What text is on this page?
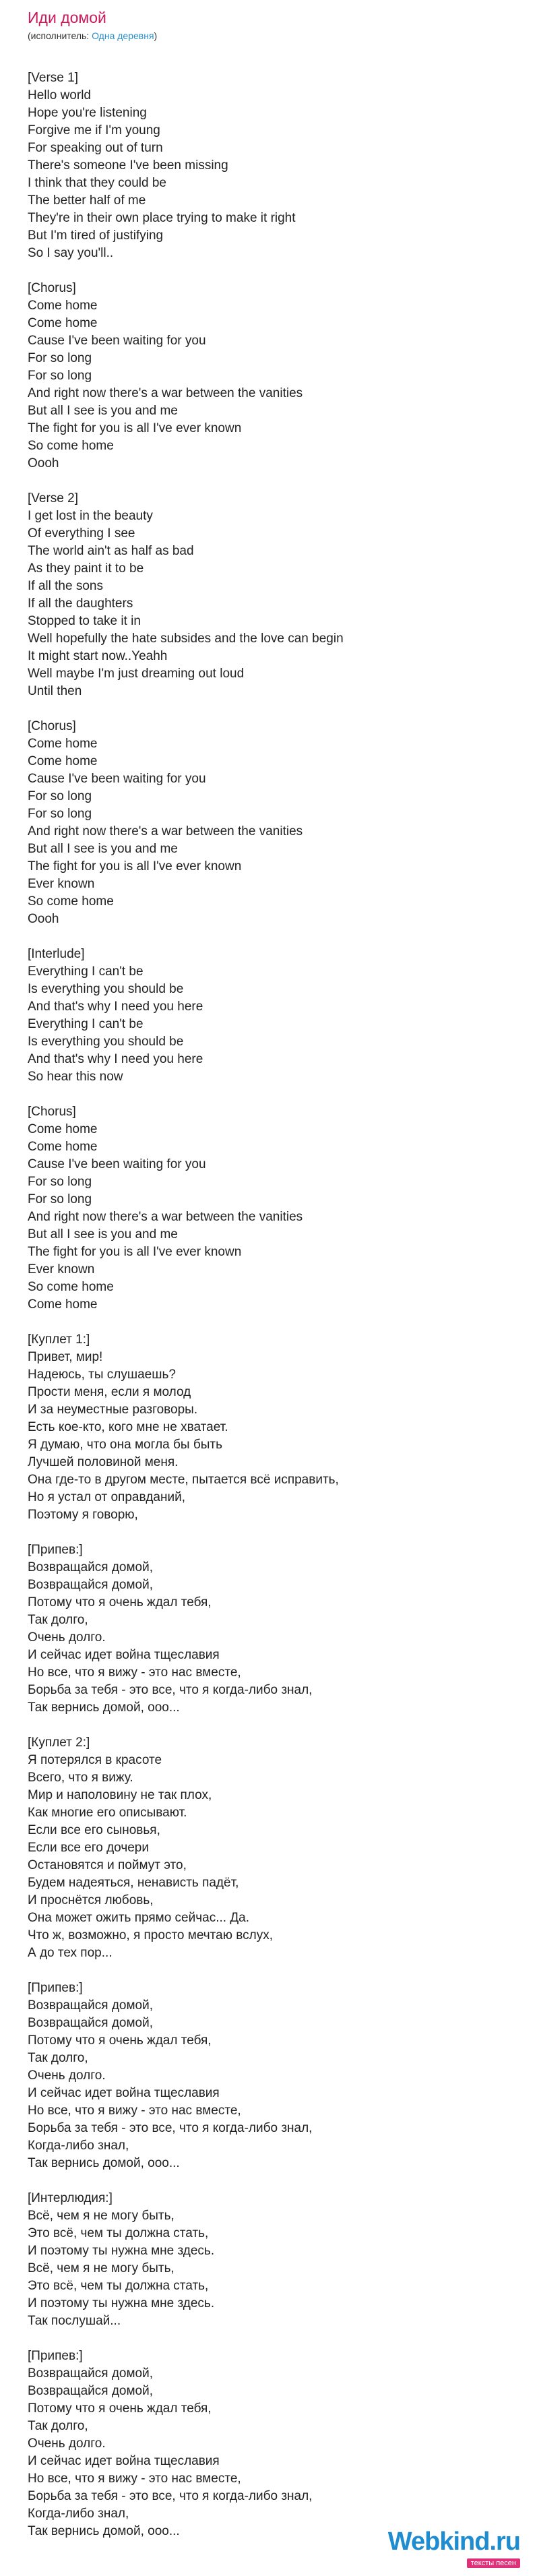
Иди домой
(исполнитель: Одна деревня)
[Verse 1]
Hello world
Hope you're listening
Forgive me if I'm young
For speaking out of turn
There's someone I've been missing
I think that they could be
The better half of me
They're in their own place trying to make it right
But I'm tired of justifying
So I say you'll..
[Chorus]
Come home
Come home
Cause I've been waiting for you
For so long
For so long
And right now there's a war between the vanities
But all I see is you and me
The fight for you is all I've ever known
So come home
Oooh
[Verse 2]
I get lost in the beauty
Of everything I see
The world ain't as half as bad
As they paint it to be
If all the sons
If all the daughters
Stopped to take it in
Well hopefully the hate subsides and the love can begin
It might start now..Yeahh
Well maybe I'm just dreaming out loud
Until then
[Chorus]
Come home
Come home
Cause I've been waiting for you
For so long
For so long
And right now there's a war between the vanities
But all I see is you and me
The fight for you is all I've ever known
Ever known
So come home
Oooh
[Interlude]
Everything I can't be
Is everything you should be
And that's why I need you here
Everything I can't be
Is everything you should be
And that's why I need you here
So hear this now
[Chorus]
Come home
Come home
Cause I've been waiting for you
For so long
For so long
And right now there's a war between the vanities
But all I see is you and me
The fight for you is all I've ever known
Ever known
So come home
Come home
[Куплет 1:]
Привет, мир!
Надеюсь, ты слушаешь?
Прости меня, если я молод
И за неуместные разговоры.
Есть кое-кто, кого мне не хватает.
Я думаю, что она могла бы быть
Лучшей половиной меня.
Она где-то в другом месте, пытается всё исправить,
Но я устал от оправданий,
Поэтому я говорю,
[Припев:]
Возвращайся домой,
Возвращайся домой,
Потому что я очень ждал тебя,
Так долго,
Очень долго.
И сейчас идет война тщеславия
Но все, что я вижу - это нас вместе,
Борьба за тебя - это все, что я когда-либо знал,
Так вернись домой, ооо...
[Куплет 2:]
Я потерялся в красоте
Всего, что я вижу.
Мир и наполовину не так плох,
Как многие его описывают.
Если все его сыновья,
Если все его дочери
Остановятся и поймут это,
Будем надеяться, ненависть падёт,
И проснётся любовь,
Она может ожить прямо сейчас... Да.
Что ж, возможно, я просто мечтаю вслух,
А до тех пор...
[Припев:]
Возвращайся домой,
Возвращайся домой,
Потому что я очень ждал тебя,
Так долго,
Очень долго.
И сейчас идет война тщеславия
Но все, что я вижу - это нас вместе,
Борьба за тебя - это все, что я когда-либо знал,
Когда-либо знал,
Так вернись домой, ооо...
[Интерлюдия:]
Всё, чем я не могу быть,
Это всё, чем ты должна стать,
И поэтому ты нужна мне здесь.
Всё, чем я не могу быть,
Это всё, чем ты должна стать,
И поэтому ты нужна мне здесь.
Так послушай...
[Припев:]
Возвращайся домой,
Возвращайся домой,
Потому что я очень ждал тебя,
Так долго,
Очень долго.
И сейчас идет война тщеславия
Но все, что я вижу - это нас вместе,
Борьба за тебя - это все, что я когда-либо знал,
Когда-либо знал,
Так вернись домой, ооо...	Webkind.ru
тексты песен
